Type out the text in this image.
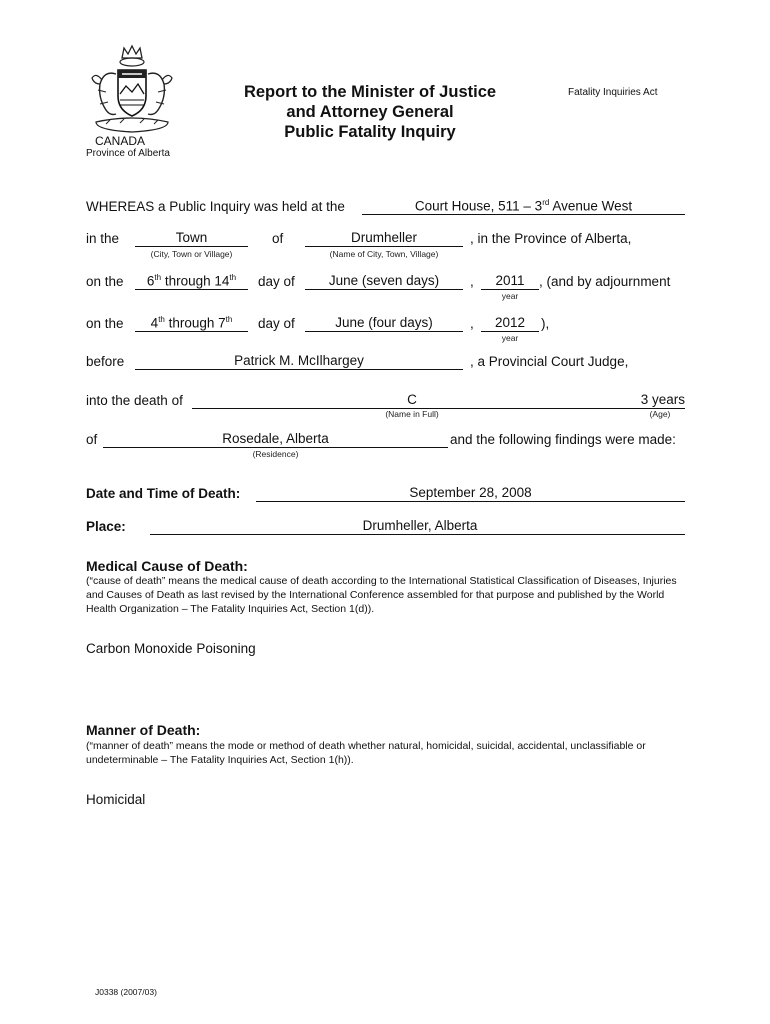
CANADA
Province of Alberta
Report to the Minister of Justice
and Attorney General
Public Fatality Inquiry
Fatality Inquiries Act
WHEREAS a Public Inquiry was held at the	Court House, 511 – 3rd Avenue West
in the	Town
(City, Town or Village)
of	Drumheller
(Name of City, Town, Village)
, in the Province of Alberta,
on the	6th through 14th	day of	June (seven days)	,	2011
year
, (and by adjournment
on the	4th through 7th	day of	June (four days)	,	2012
year
),
before	Patrick M. McIlhargey	, a Provincial Court Judge,
into the death of	C	3 years
(Name in Full)	(Age)
of	Rosedale, Alberta
(Residence)
and the following findings were made:
Date and Time of Death:	September 28, 2008
Place:	Drumheller, Alberta
Medical Cause of Death:
(“cause of death” means the medical cause of death according to the International Statistical Classification of Diseases, Injuries and Causes of Death as last revised by the International Conference assembled for that purpose and published by the World Health Organization – The Fatality Inquiries Act, Section 1(d)).
Carbon Monoxide Poisoning
Manner of Death:
(“manner of death” means the mode or method of death whether natural, homicidal, suicidal, accidental, unclassifiable or undeterminable – The Fatality Inquiries Act, Section 1(h)).
Homicidal
J0338 (2007/03)
